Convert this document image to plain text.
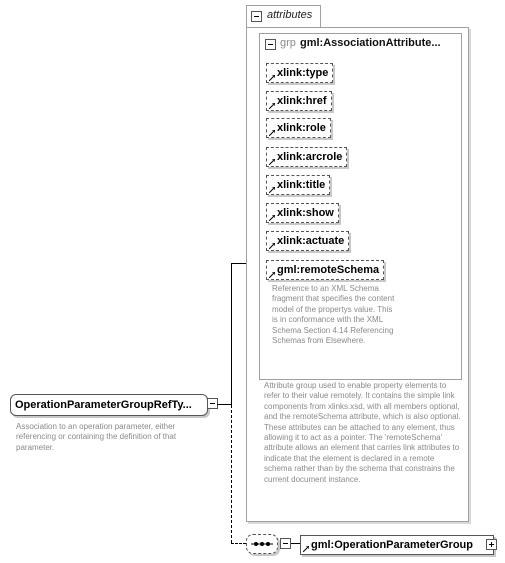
attributes
grp gml:AssociationAttribute...
xlink:type
xlink:href
xlink:role
xlink:arcrole
xlink:title
xlink:show
xlink:actuate
gml:remoteSchema
Reference to an XML Schema fragment that specifies the content model of the propertys value. This is in conformance with the XML Schema Section 4.14 Referencing Schemas from Elsewhere.
Attribute group used to enable property elements to refer to their value remotely. It contains the simple link components from xlinks.xsd, with all members optional, and the remoteSchema attribute, which is also optional. These attributes can be attached to any element, thus allowing it to act as a pointer. The 'remoteSchema' attribute allows an element that carries link attributes to indicate that the element is declared in a remote schema rather than by the schema that constrains the current document instance.
OperationParameterGroupRefTy...
Association to an operation parameter, either referencing or containing the definition of that parameter.
gml:OperationParameterGroup
